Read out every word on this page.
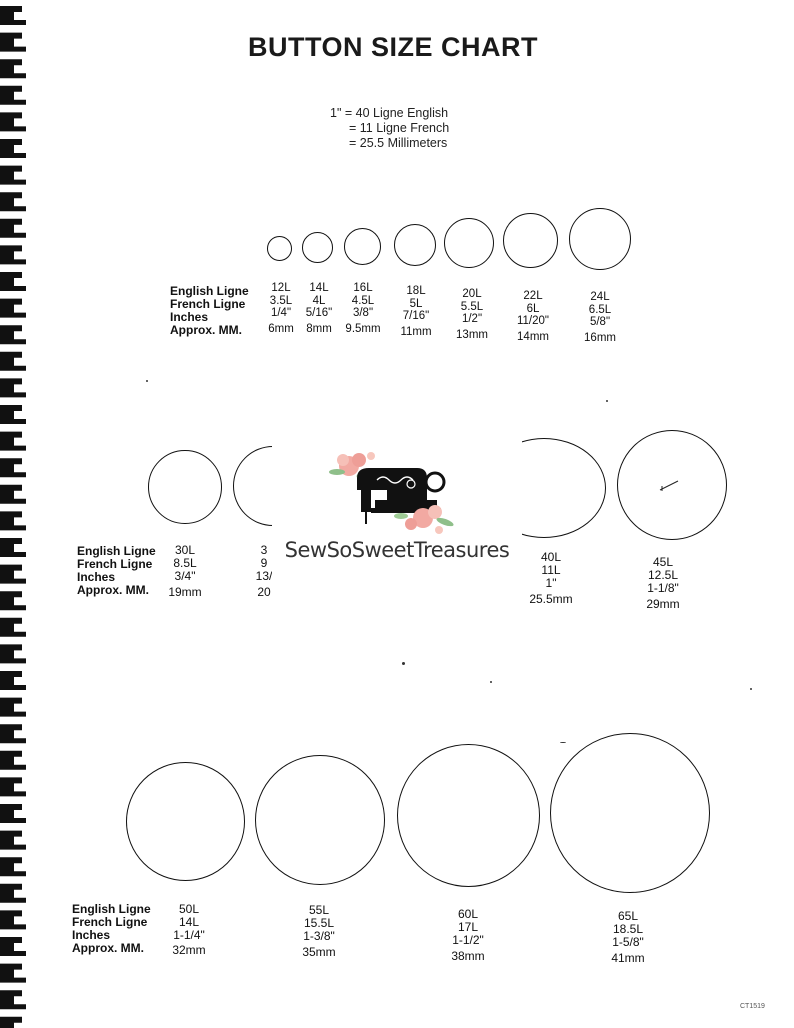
BUTTON SIZE CHART
1" = 40 Ligne English
= 11 Ligne French
= 25.5 Millimeters
English Ligne
French Ligne
Inches
Approx. MM.
12L
3.5L
1/4"
6mm
14L
4L
5/16"
8mm
16L
4.5L
3/8"
9.5mm
18L
5L
7/16"
11mm
20L
5.5L
1/2"
13mm
22L
6L
11/20"
14mm
24L
6.5L
5/8"
16mm
English Ligne
French Ligne
Inches
Approx. MM.
30L
8.5L
3/4"
19mm
3
9
13/
20
40L
11L
1"
25.5mm
45L
12.5L
1-1/8"
29mm
SewSoSweetTreasures
English Ligne
French Ligne
Inches
Approx. MM.
50L
14L
1-1/4"
32mm
55L
15.5L
1-3/8"
35mm
60L
17L
1-1/2"
38mm
65L
18.5L
1-5/8"
41mm
CT1519
